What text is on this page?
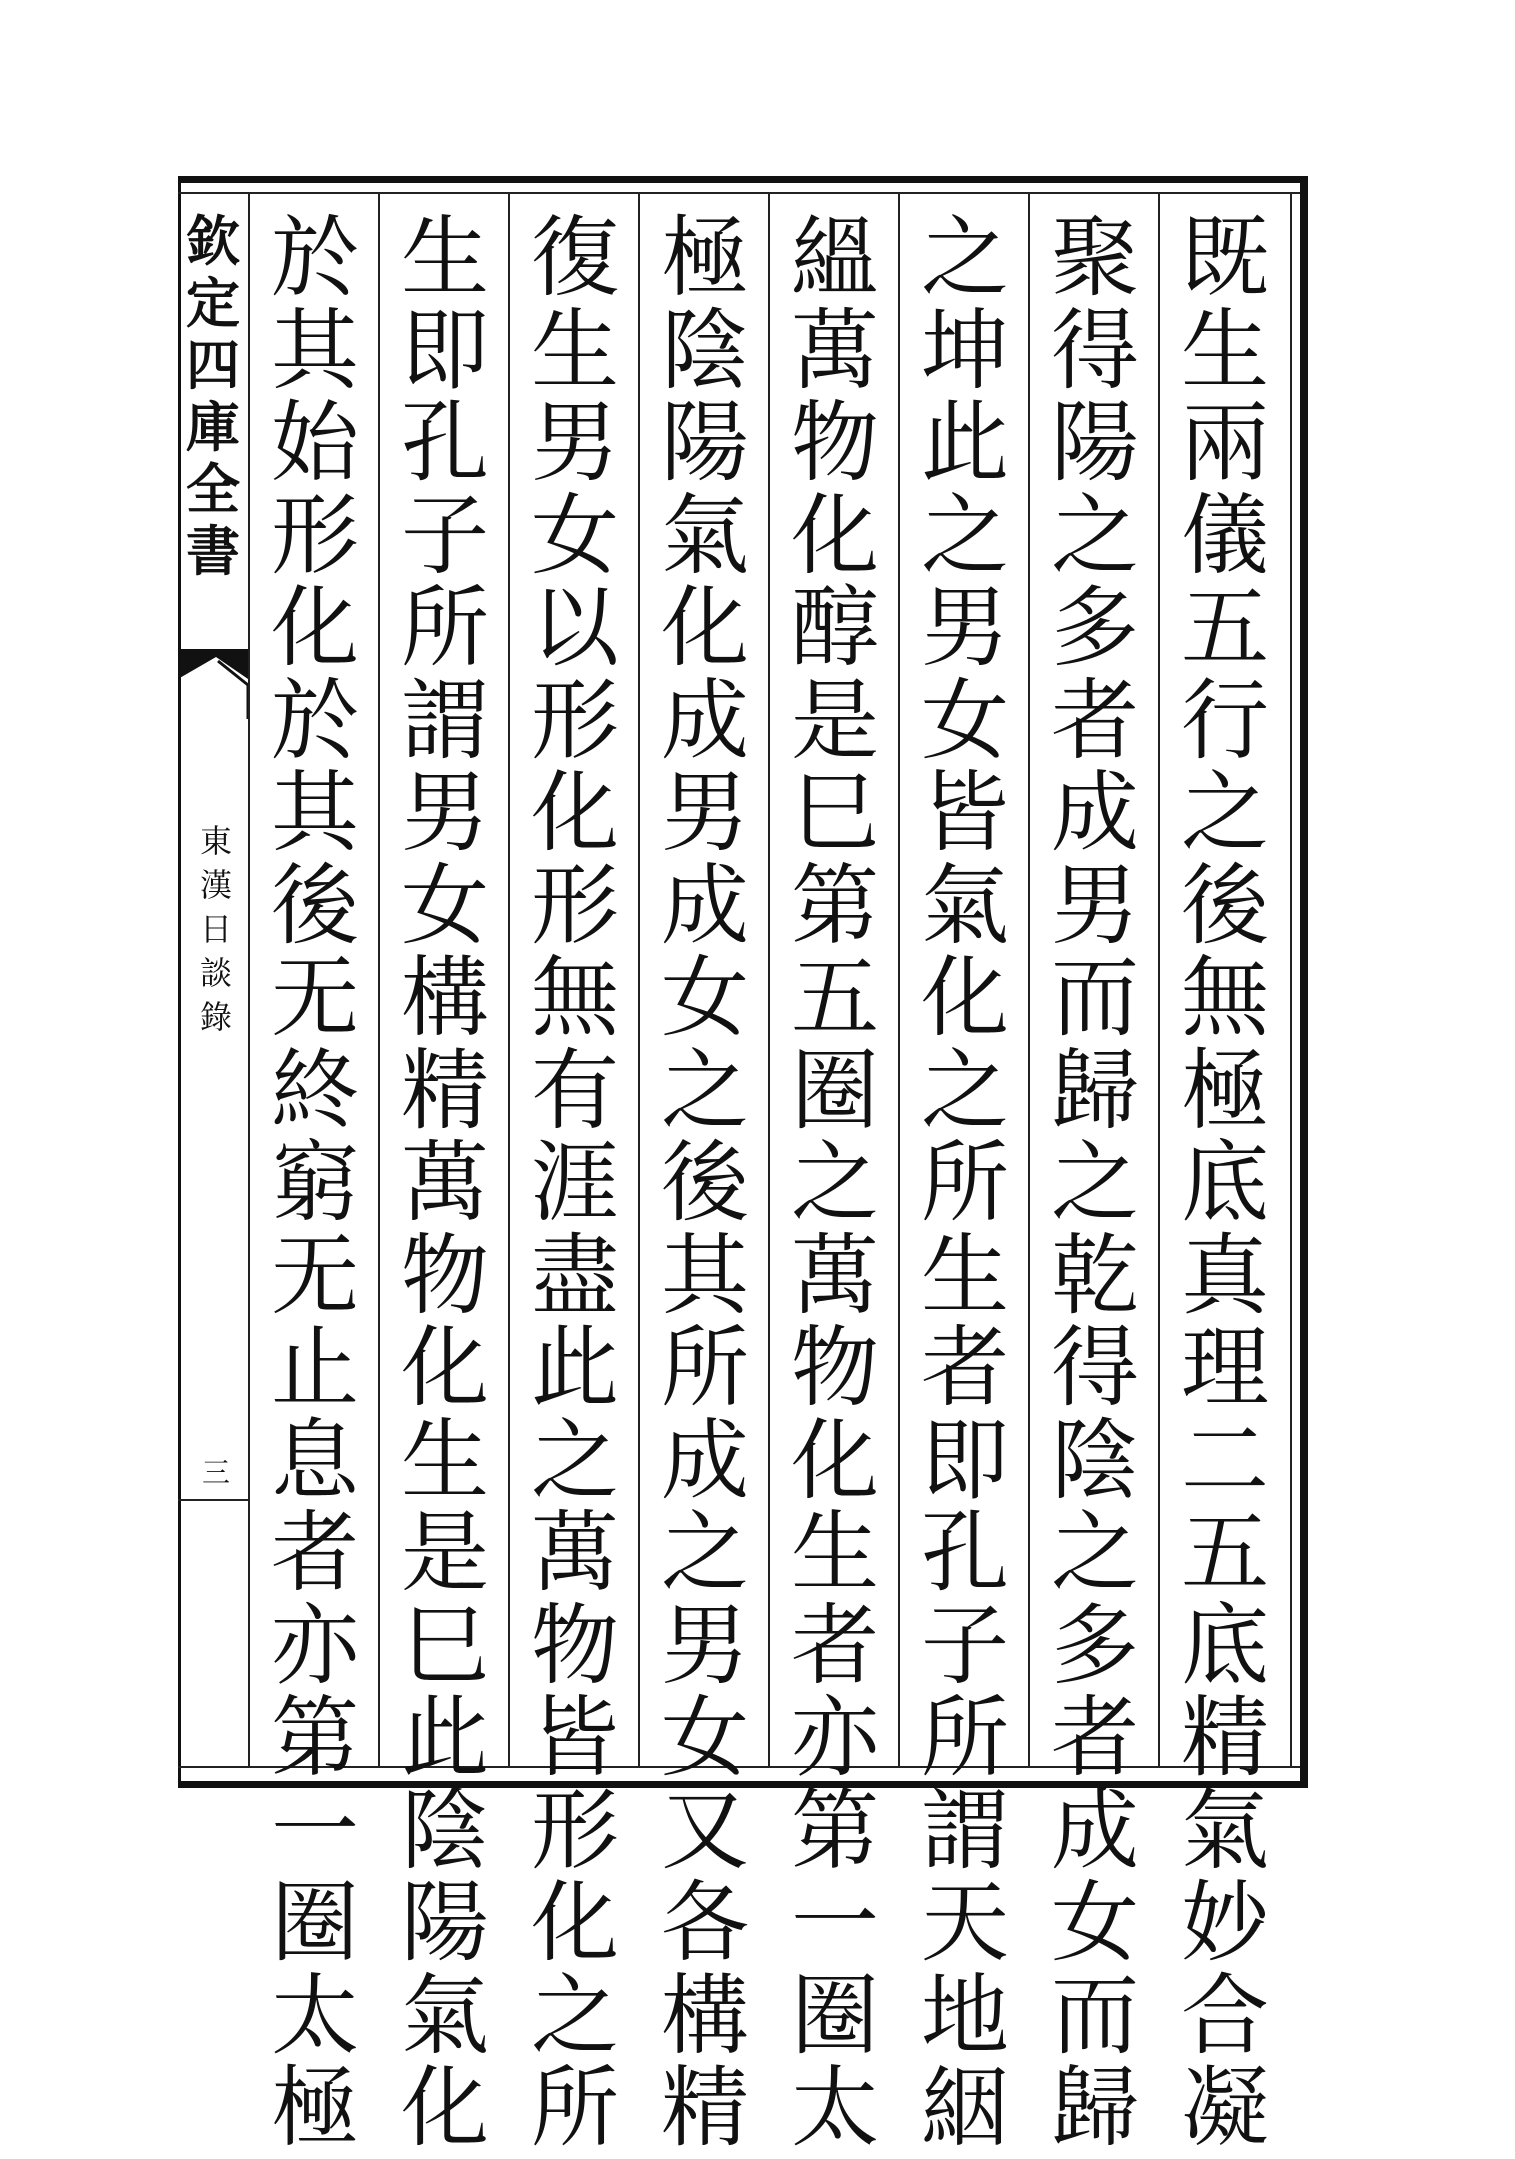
欽
定
四
庫
全
書
東
漢
日
談
錄
三
既
生
兩
儀
五
行
之
後
無
極
底
真
理
二
五
底
精
氣
妙
合
凝
聚
得
陽
之
多
者
成
男
而
歸
之
乾
得
陰
之
多
者
成
女
而
歸
之
坤
此
之
男
女
皆
氣
化
之
所
生
者
即
孔
子
所
謂
天
地
絪
縕
萬
物
化
醇
是
巳
第
五
圈
之
萬
物
化
生
者
亦
第
一
圈
太
極
陰
陽
氣
化
成
男
成
女
之
後
其
所
成
之
男
女
又
各
構
精
復
生
男
女
以
形
化
形
無
有
涯
盡
此
之
萬
物
皆
形
化
之
所
生
即
孔
子
所
謂
男
女
構
精
萬
物
化
生
是
巳
此
陰
陽
氣
化
於
其
始
形
化
於
其
後
无
終
窮
无
止
息
者
亦
第
一
圈
太
極
